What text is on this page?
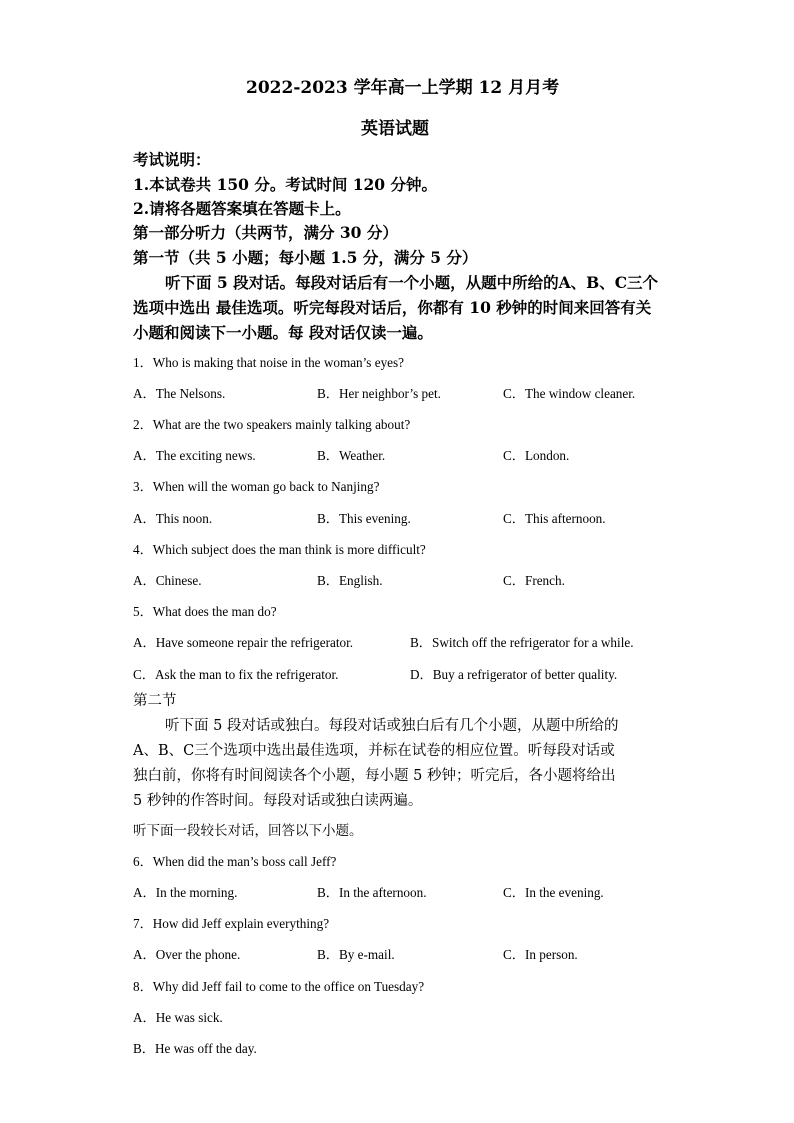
2022-2023 学年高一上学期 12 月月考
英语试题
考试说明：
1.本试卷共 150 分。考试时间 120 分钟。
2.请将各题答案填在答题卡上。
第一部分听力（共两节，满分 30 分）
第一节（共 5 小题；每小题 1.5 分，满分 5 分）
听下面 5 段对话。每段对话后有一个小题，从题中所给的A、B、C三个
选项中选出 最佳选项。听完每段对话后，你都有 10 秒钟的时间来回答有关
小题和阅读下一小题。每 段对话仅读一遍。
1．Who is making that noise in the woman’s eyes?
A．The Nelsons.	B．Her neighbor’s pet.	C．The window cleaner.
2．What are the two speakers mainly talking about?
A．The exciting news.	B．Weather.	C．London.
3．When will the woman go back to Nanjing?
A．This noon.	B．This evening.	C．This afternoon.
4．Which subject does the man think is more difficult?
A．Chinese.	B．English.	C．French.
5．What does the man do?
A．Have someone repair the refrigerator.	B．Switch off the refrigerator for a while.
C．Ask the man to fix the refrigerator.	D．Buy a refrigerator of better quality.
第二节
听下面 5 段对话或独白。每段对话或独白后有几个小题，从题中所给的
A、B、C三个选项中选出最佳选项，并标在试卷的相应位置。听每段对话或
独白前，你将有时间阅读各个小题，每小题 5 秒钟；听完后，各小题将给出
5 秒钟的作答时间。每段对话或独白读两遍。
听下面一段较长对话，回答以下小题。
6．When did the man’s boss call Jeff?
A．In the morning.	B．In the afternoon.	C．In the evening.
7．How did Jeff explain everything?
A．Over the phone.	B．By e-mail.	C．In person.
8．Why did Jeff fail to come to the office on Tuesday?
A．He was sick.
B．He was off the day.
